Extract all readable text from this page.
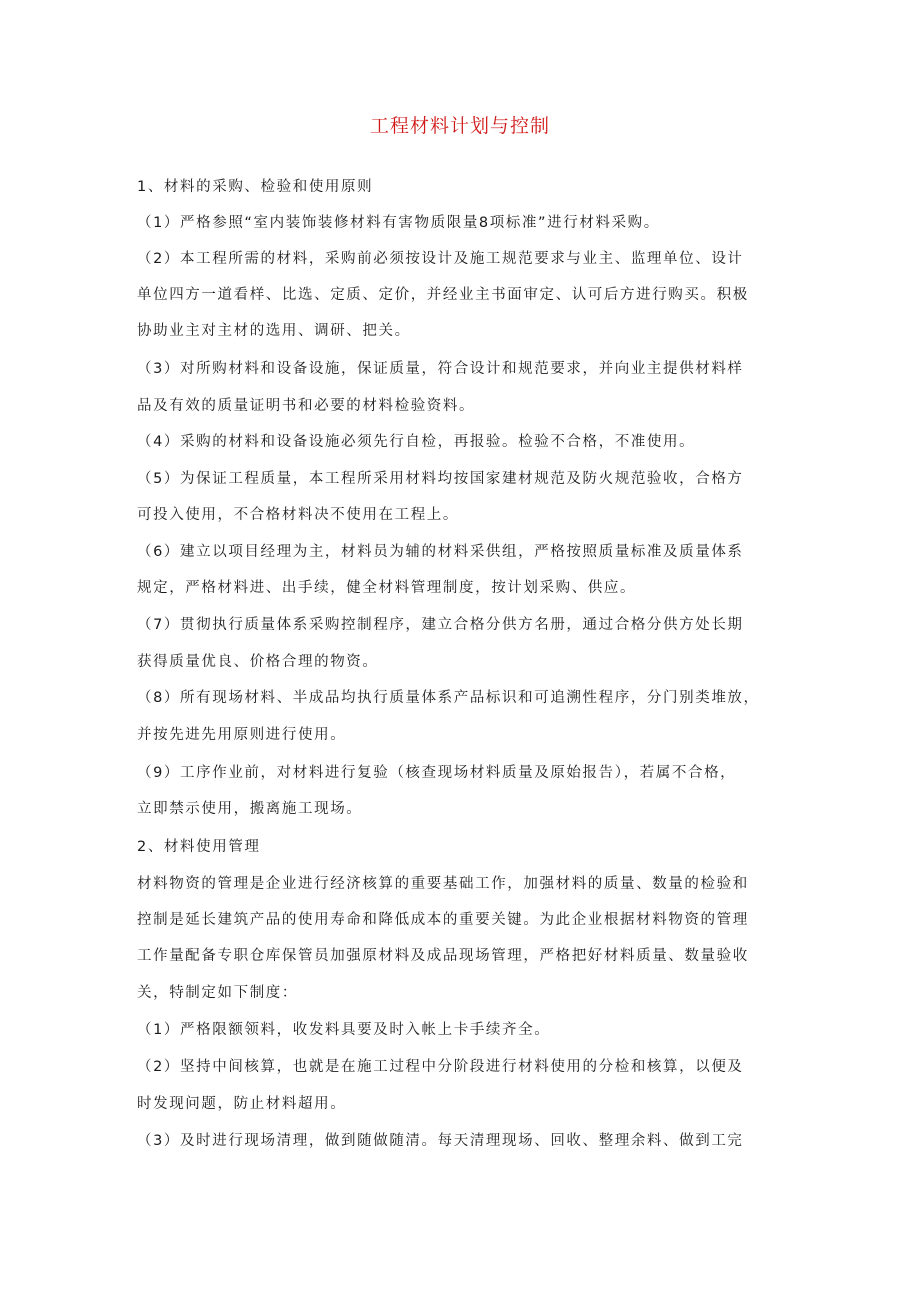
工程材料计划与控制
1、材料的采购、检验和使用原则
（1）严格参照“室内装饰装修材料有害物质限量8项标准”进行材料采购。
（2）本工程所需的材料，采购前必须按设计及施工规范要求与业主、监理单位、设计
单位四方一道看样、比选、定质、定价，并经业主书面审定、认可后方进行购买。积极
协助业主对主材的选用、调研、把关。
（3）对所购材料和设备设施，保证质量，符合设计和规范要求，并向业主提供材料样
品及有效的质量证明书和必要的材料检验资料。
（4）采购的材料和设备设施必须先行自检，再报验。检验不合格，不准使用。
（5）为保证工程质量，本工程所采用材料均按国家建材规范及防火规范验收，合格方
可投入使用，不合格材料决不使用在工程上。
（6）建立以项目经理为主，材料员为辅的材料采供组，严格按照质量标准及质量体系
规定，严格材料进、出手续，健全材料管理制度，按计划采购、供应。
（7）贯彻执行质量体系采购控制程序，建立合格分供方名册，通过合格分供方处长期
获得质量优良、价格合理的物资。
（8）所有现场材料、半成品均执行质量体系产品标识和可追溯性程序，分门别类堆放，
并按先进先用原则进行使用。
（9）工序作业前，对材料进行复验（核查现场材料质量及原始报告），若属不合格，
立即禁示使用，搬离施工现场。
2、材料使用管理
材料物资的管理是企业进行经济核算的重要基础工作，加强材料的质量、数量的检验和
控制是延长建筑产品的使用寿命和降低成本的重要关键。为此企业根据材料物资的管理
工作量配备专职仓库保管员加强原材料及成品现场管理，严格把好材料质量、数量验收
关，特制定如下制度：
（1）严格限额领料，收发料具要及时入帐上卡手续齐全。
（2）坚持中间核算，也就是在施工过程中分阶段进行材料使用的分检和核算，以便及
时发现问题，防止材料超用。
（3）及时进行现场清理，做到随做随清。每天清理现场、回收、整理余料、做到工完
